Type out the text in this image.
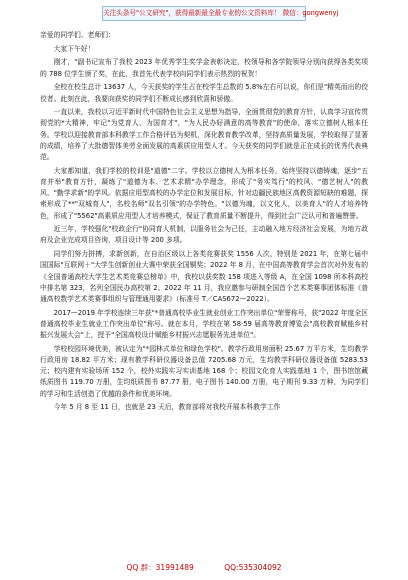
关注头条号"公文研究"，获得最新最全最专业的公文资料库！ 微信：gongwenyj

亲爱的同学们、老师们：

大家下午好！

刚才，"副书记宣布了我校 2023 年优秀学生奖学金表彰决定，校领导和各学院领导分别向获得各类奖项的 788 位学生颁了奖，在此，我首先代表学校向同学们表示热烈的祝贺！

全校在校生总计 13637 人，今天获奖的学生占在校学生总数的 5.8%左右可以说，你们是"精英而出的佼佼者。此刻在此，我要向获奖的同学们不断成长感到欣喜和骄傲。

一直以来，我校以习近平新时代中国特色社会主义思想为指导，全面贯彻党的教育方针，认真学习宣传贯彻党的*大精神，牢记"为党育人、为国育才"，"为人民办好满意的高等教育"的使命，落实立德树人根本任务。学校以迎接教育部本科教学工作合格评估为契机，深化教育教学改革，坚持高质量发展，学校取得了显著的成绩，培养了大批德智体美劳全面发展的高素质应用型人才。今天获奖的同学们就是正在成长的优秀代表典范。

大家都知道，我们学校的校训是"道德"二字。学校以立德树人为根本任务，始终坚持以德铸魂，逐步"五育并举"教育方针，凝练了"道德为本、艺术求精"办学理念，形成了"务实笃行"的校风、"德艺树人"的教风、"勤学求新"的学风。依据应用型高校的办学定位和发展目标，针对边疆民族地区高教资源短缺的难题，探索形成了**"双城育人"，名校名师"双名引领"的办学特色。"以德为魂，以文化人，以美育人"的人才培养特色，形成了"5562"高素质应用型人才培养模式，保证了教育质量不断提升，得到社会广泛认可和普遍赞誉。

近三年，学校强化"校政企行"协同育人机制，以服务社会为己任，主动融入地方经济社会发展，为地方政府及企业完成项目咨询，项目设计等 200 多项。

同学们努力拼搏，求新创新，在自治区级以上各类竞赛获奖 1556 人次，特别是 2021 年，在第七届中国国际"互联网＋"大学生创新创业大赛中荣获全国铜奖；2022 年 8 月，在中国高等教育学会首次对外发布的《全国普通高校大学生艺术类竞赛总榜单》中，我校以获奖数 158 项进入等级 A，在全国 1098 所本科高校中排名第 323，名列全国民办高校第 2。2022 年 11 月，我应邀参与研制全国首个艺术类赛事团体标准《普通高校数学艺术类赛事组织与管理通用要求》（标准号 T／CAS672—2022）。

2017—2019 年学校连续三年获"*普通高校毕业生就业创业工作突出单位"荣誉称号，获"2022 年度全区普通高校毕业生就业工作突出单位"称号。就在本月，学校在第 58·59 届高等教育博览会"高校教育赋能乡村振兴发展大会"上，授予"全国高校设计赋能乡村振兴志愿服务先进单位"。

学校校园环境优美，被认定为"*园林式单位和绿色学校"。教学行政用房面积 25.67 万平方米，生均教学行政用房 18.82 平方米；现有教学科研仪器设备总值 7205.68 万元，生均教学科研仪器设备值 5283.53 元；校内建有实验场所 152 个，校外实践实习实训基地 168 个；校园文化育人实践基地 1 个，图书馆馆藏纸质图书 119.70 万册，生均纸质图书 87.77 册，电子图书 140.00 万册，电子期刊 9.33 万种，为同学们的学习和生活创造了优越的条件和优美环境。

今年 5 月 8 至 11 日，也就是 23 天后，教育部将对我校开展本科教学工作

QQ 群：31991489	QQ:535304092
